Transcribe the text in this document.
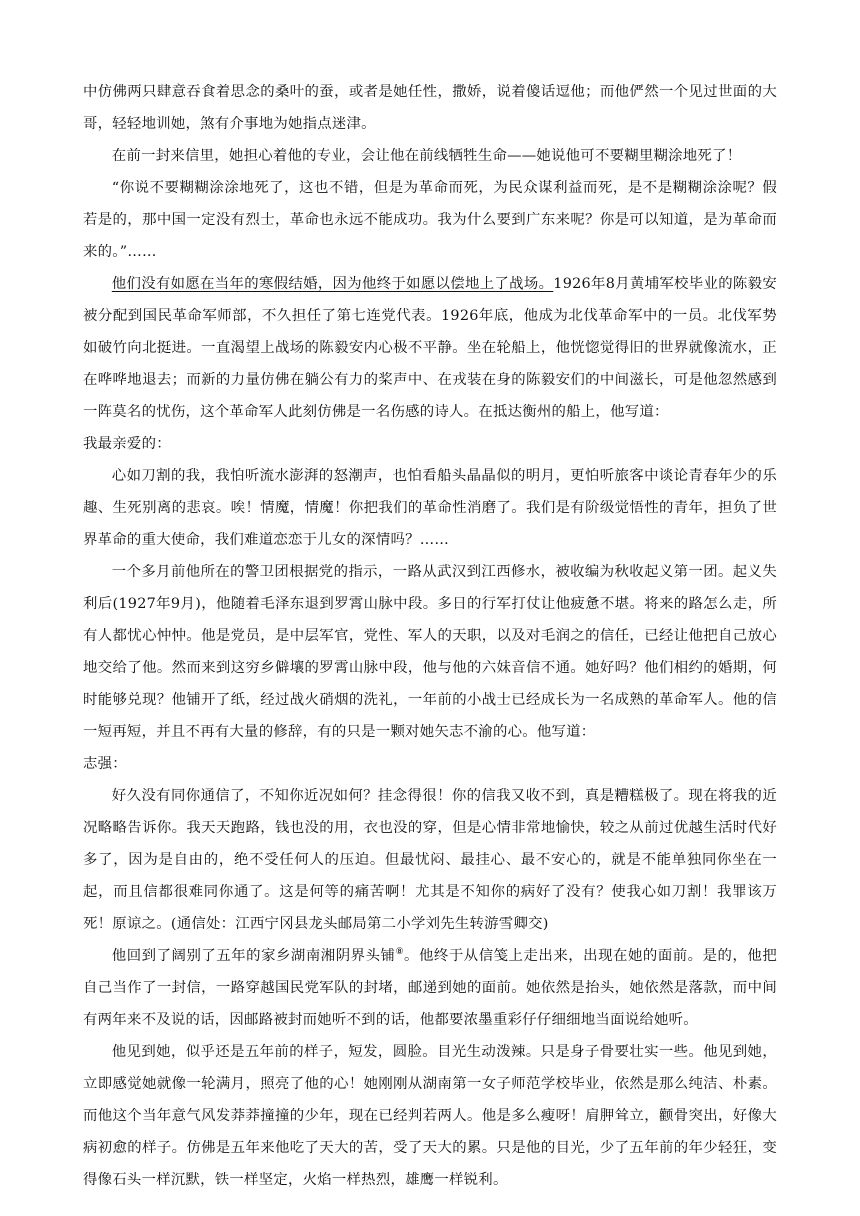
中仿佛两只肆意吞食着思念的桑叶的蚕，或者是她任性，撒娇，说着傻话逗他；而他俨然一个见过世面的大哥，轻轻地训她，煞有介事地为她指点迷津。

在前一封来信里，她担心着他的专业，会让他在前线牺牲生命——她说他可不要糊里糊涂地死了！

“你说不要糊糊涂涂地死了，这也不错，但是为革命而死，为民众谋利益而死，是不是糊糊涂涂呢？假若是的，那中国一定没有烈士，革命也永远不能成功。我为什么要到广东来呢？你是可以知道，是为革命而来的。”……

他们没有如愿在当年的寒假结婚，因为他终于如愿以偿地上了战场。1926年8月黄埔军校毕业的陈毅安被分配到国民革命军师部，不久担任了第七连党代表。1926年底，他成为北伐革命军中的一员。北伐军势如破竹向北挺进。一直渴望上战场的陈毅安内心极不平静。坐在轮船上，他恍惚觉得旧的世界就像流水，正在哗哗地退去；而新的力量仿佛在躺公有力的桨声中、在戎装在身的陈毅安们的中间滋长，可是他忽然感到一阵莫名的忧伤，这个革命军人此刻仿佛是一名伤感的诗人。在抵达衡州的船上，他写道：

我最亲爱的：

心如刀割的我，我怕听流水澎湃的怒潮声，也怕看船头晶晶似的明月，更怕听旅客中谈论青春年少的乐趣、生死别离的悲哀。唉！情魔，情魔！你把我们的革命性消磨了。我们是有阶级觉悟性的青年，担负了世界革命的重大使命，我们难道恋恋于儿女的深情吗？……

一个多月前他所在的警卫团根据党的指示，一路从武汉到江西修水，被收编为秋收起义第一团。起义失利后(1927年9月)，他随着毛泽东退到罗霄山脉中段。多日的行军打仗让他疲惫不堪。将来的路怎么走，所有人都忧心忡忡。他是党员，是中层军官，党性、军人的天职，以及对毛润之的信任，已经让他把自己放心地交给了他。然而来到这穷乡僻壤的罗霄山脉中段，他与他的六妹音信不通。她好吗？他们相约的婚期，何时能够兑现？他铺开了纸，经过战火硝烟的洗礼，一年前的小战士已经成长为一名成熟的革命军人。他的信一短再短，并且不再有大量的修辞，有的只是一颗对她矢志不渝的心。他写道：

志强：

好久没有同你通信了，不知你近况如何？挂念得很！你的信我又收不到，真是糟糕极了。现在将我的近况略略告诉你。我天天跑路，钱也没的用，衣也没的穿，但是心情非常地愉快，较之从前过优越生活时代好多了，因为是自由的，绝不受任何人的压迫。但最忧闷、最挂心、最不安心的，就是不能单独同你坐在一起，而且信都很难同你通了。这是何等的痛苦啊！尤其是不知你的病好了没有？使我心如刀割！我罪该万死！原谅之。(通信处：江西宁冈县龙头邮局第二小学刘先生转游雪卿交)

他回到了阔别了五年的家乡湖南湘阴界头铺⑧。他终于从信笺上走出来，出现在她的面前。是的，他把自己当作了一封信，一路穿越国民党军队的封堵，邮递到她的面前。她依然是抬头，她依然是落款，而中间有两年来不及说的话，因邮路被封而她听不到的话，他都要浓墨重彩仔仔细细地当面说给她听。

他见到她，似乎还是五年前的样子，短发，圆脸。目光生动泼辣。只是身子骨要壮实一些。他见到她，立即感觉她就像一轮满月，照亮了他的心！她刚刚从湖南第一女子师范学校毕业，依然是那么纯洁、朴素。而他这个当年意气风发莽莽撞撞的少年，现在已经判若两人。他是多么瘦呀！肩胛耸立，颧骨突出，好像大病初愈的样子。仿佛是五年来他吃了天大的苦，受了天大的累。只是他的目光，少了五年前的年少轻狂，变得像石头一样沉默，铁一样坚定，火焰一样热烈，雄鹰一样锐利。
